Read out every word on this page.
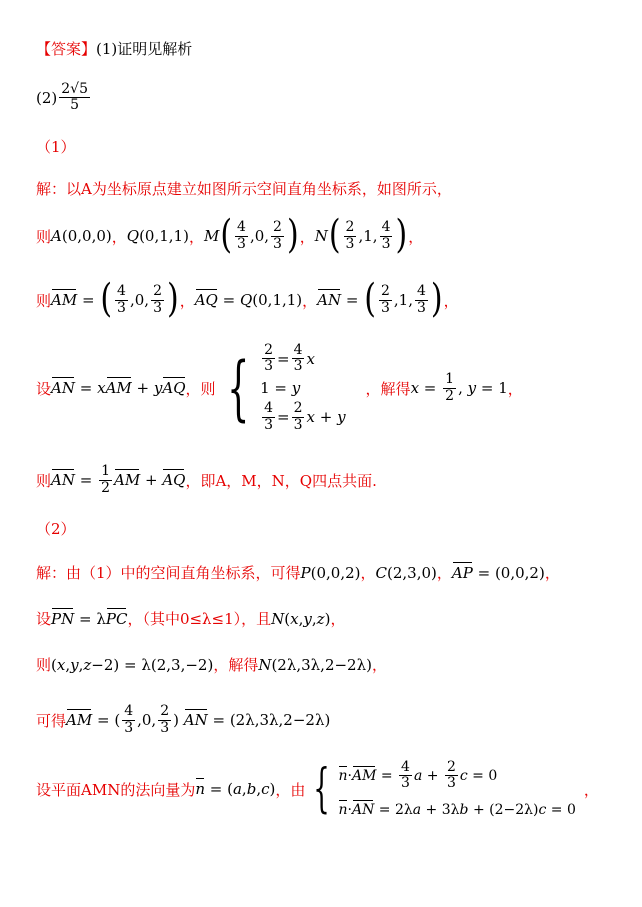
【答案】 (1)证明见解析
$(2) \frac{2√5}{5}$
（1）
解：以A为坐标原点建立如图所示空间直角坐标系，如图所示，
则 A (0,0,0) ， Q (0,1,1) ， M ( $\frac{4}{3} ,0$, $\frac{2}{3}$ ) ， N ( $\frac{2}{3} ,1$, $\frac{4}{3}$ ) ，
则 AM = ( $\frac{4}{3} ,0$, $\frac{2}{3}$ ) ， AQ = Q (0,1,1) ， AN = ( $\frac{2}{3} ,1$, $\frac{4}{3}$ ) ，
设 AN = x AM + y AQ ，则 { $\frac{2}{3} = \frac{4}{3}$ x
1 = y
$\frac{4}{3} = \frac{2}{3}$ x + y
，解得 $x = \frac{1}{2}$ , y = 1 ，
则 AN = $\frac{1}{2}$ AM + AQ ，即A，M，N，Q四点共面.
（2）
解：由（1）中的空间直角坐标系，可得 P (0,0,2) ， C (2,3,0) ， AP = (0,0,2) ，
设 PN = λ PC ，（其中0≤λ≤1），且 N ( x , y , z ) ，
则 ( x , y , z −2) = λ(2,3,−2) ，解得 N (2λ,3λ,2−2λ) ，
可得 AM = ( $\frac{4}{3} ,0$, $\frac{2}{3}$ ) AN = (2λ,3λ,2−2λ)
设平面AMN的法向量为 n = ( a , b , c ) ，由 { n · AM = $\frac{4}{3}$ $a + \frac{2}{3}$ c = 0
n · AN = 2λ a + 3λ b + (2−2λ) c = 0
，
